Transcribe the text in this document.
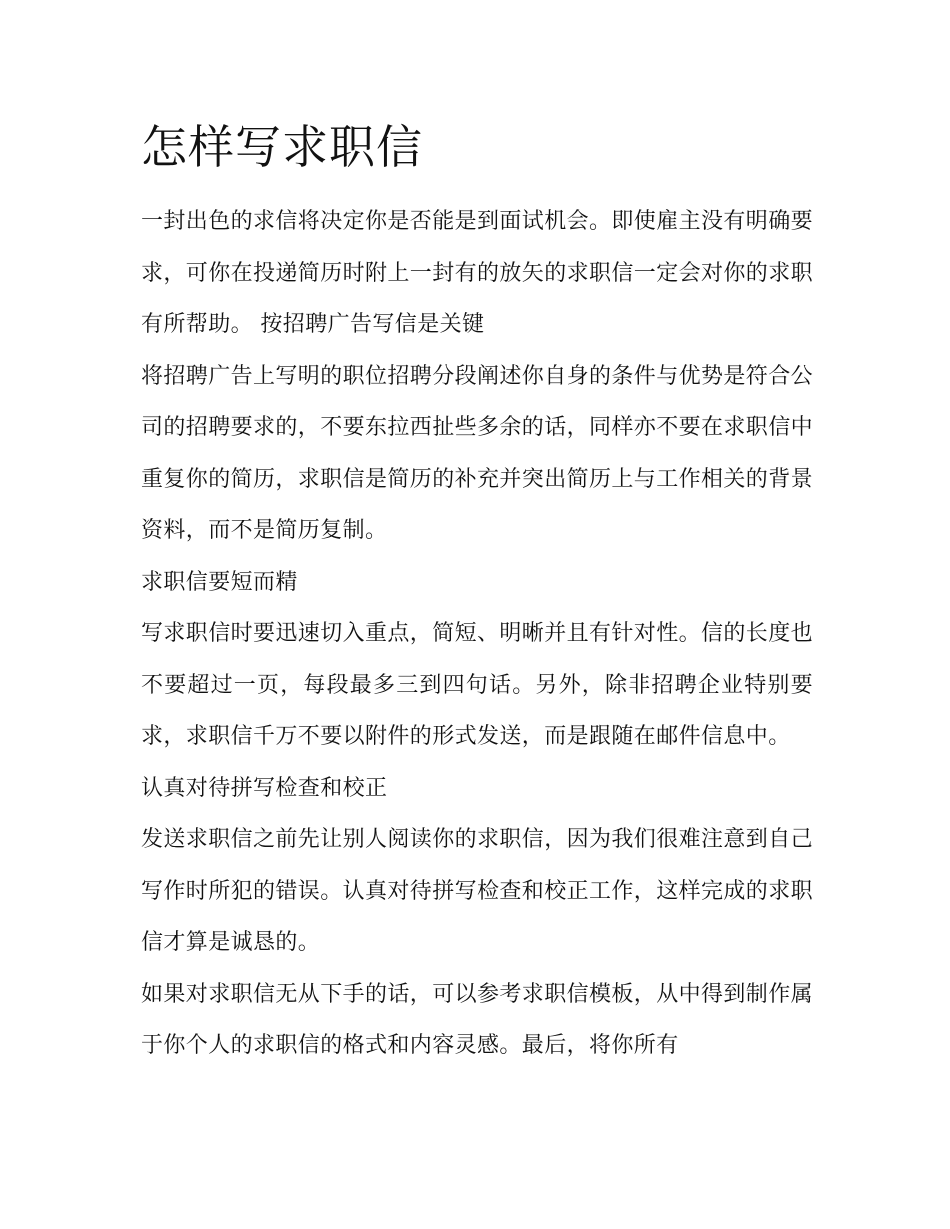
怎样写求职信

一封出色的求信将决定你是否能是到面试机会。即使雇主没有明确要求，可你在投递简历时附上一封有的放矢的求职信一定会对你的求职有所帮助。 按招聘广告写信是关键

将招聘广告上写明的职位招聘分段阐述你自身的条件与优势是符合公司的招聘要求的，不要东拉西扯些多余的话，同样亦不要在求职信中重复你的简历，求职信是简历的补充并突出简历上与工作相关的背景资料，而不是简历复制。

求职信要短而精

写求职信时要迅速切入重点，简短、明晰并且有针对性。信的长度也不要超过一页，每段最多三到四句话。另外，除非招聘企业特别要求，求职信千万不要以附件的形式发送，而是跟随在邮件信息中。

认真对待拼写检查和校正

发送求职信之前先让别人阅读你的求职信，因为我们很难注意到自己写作时所犯的错误。认真对待拼写检查和校正工作，这样完成的求职信才算是诚恳的。

如果对求职信无从下手的话，可以参考求职信模板，从中得到制作属于你个人的求职信的格式和内容灵感。最后，将你所有
